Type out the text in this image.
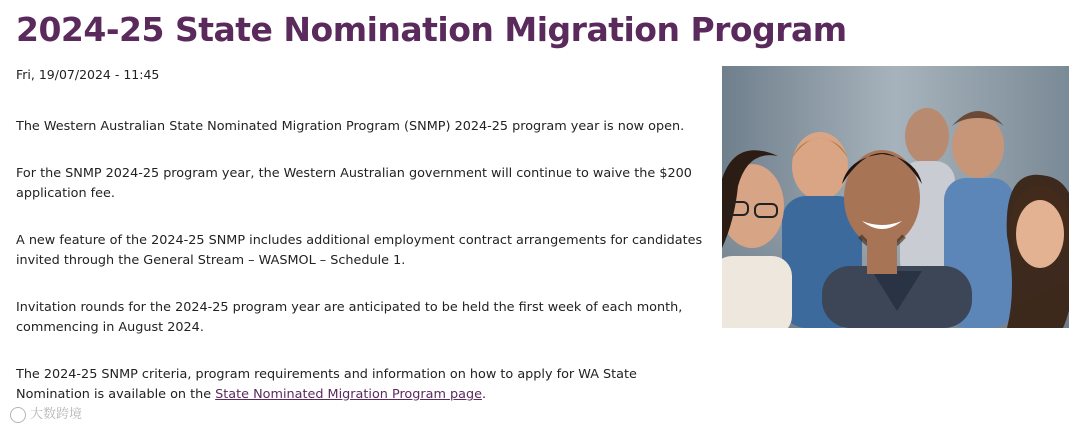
2024-25 State Nomination Migration Program
Fri, 19/07/2024 - 11:45

The Western Australian State Nominated Migration Program (SNMP) 2024-25 program year is now open.

For the SNMP 2024-25 program year, the Western Australian government will continue to waive the $200 application fee.

A new feature of the 2024-25 SNMP includes additional employment contract arrangements for candidates invited through the General Stream – WASMOL – Schedule 1.

Invitation rounds for the 2024-25 program year are anticipated to be held the first week of each month, commencing in August 2024.

The 2024-25 SNMP criteria, program requirements and information on how to apply for WA State Nomination is available on the State Nominated Migration Program page.

大数跨境
